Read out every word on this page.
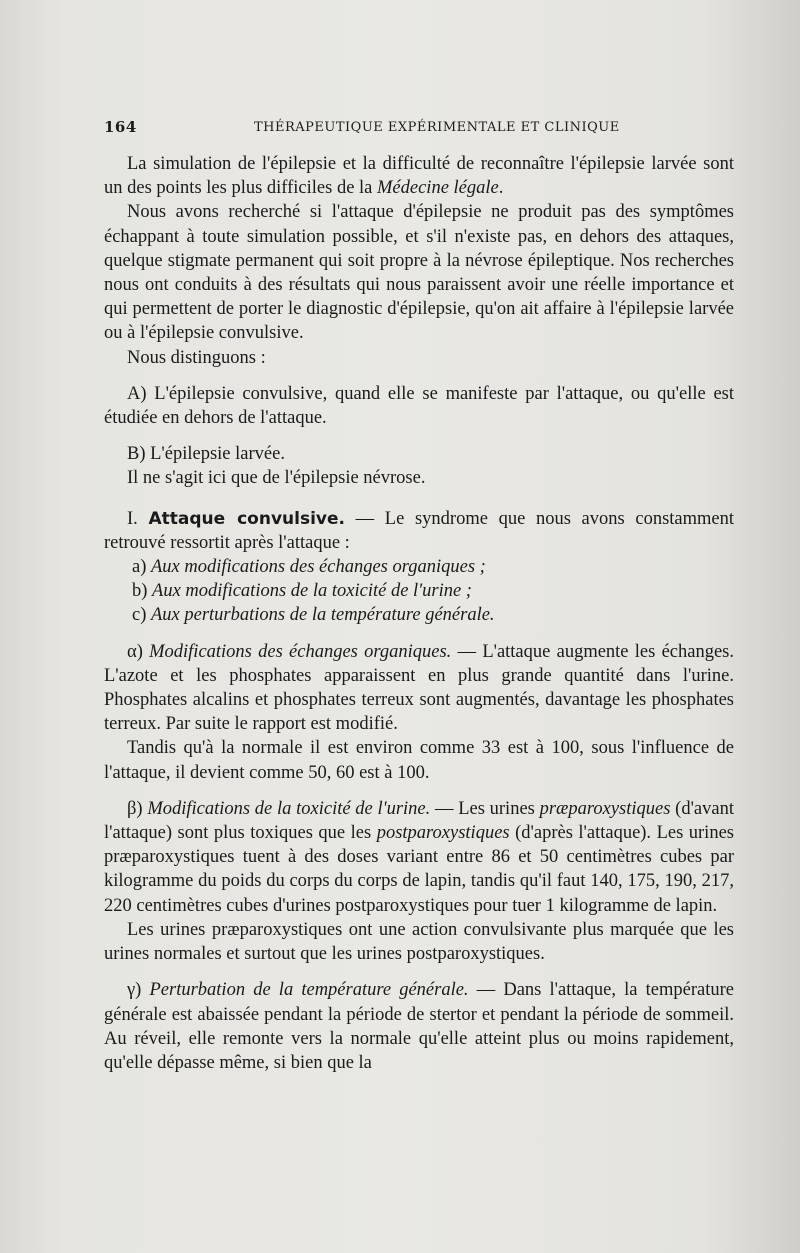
164	THÉRAPEUTIQUE EXPÉRIMENTALE ET CLINIQUE

La simulation de l'épilepsie et la difficulté de reconnaître l'épilepsie larvée sont un des points les plus difficiles de la Médecine légale.

Nous avons recherché si l'attaque d'épilepsie ne produit pas des symptômes échappant à toute simulation possible, et s'il n'existe pas, en dehors des attaques, quelque stigmate permanent qui soit propre à la névrose épileptique. Nos recherches nous ont conduits à des résultats qui nous paraissent avoir une réelle importance et qui permettent de porter le diagnostic d'épilepsie, qu'on ait affaire à l'épilepsie larvée ou à l'épilepsie convulsive.

Nous distinguons :

A) L'épilepsie convulsive, quand elle se manifeste par l'attaque, ou qu'elle est étudiée en dehors de l'attaque.

B) L'épilepsie larvée.

Il ne s'agit ici que de l'épilepsie névrose.

I. Attaque convulsive. — Le syndrome que nous avons constamment retrouvé ressortit après l'attaque :

a) Aux modifications des échanges organiques ;

b) Aux modifications de la toxicité de l'urine ;

c) Aux perturbations de la température générale.

α) Modifications des échanges organiques. — L'attaque augmente les échanges. L'azote et les phosphates apparaissent en plus grande quantité dans l'urine. Phosphates alcalins et phosphates terreux sont augmentés, davantage les phosphates terreux. Par suite le rapport est modifié.

Tandis qu'à la normale il est environ comme 33 est à 100, sous l'influence de l'attaque, il devient comme 50, 60 est à 100.

β) Modifications de la toxicité de l'urine. — Les urines præparoxystiques (d'avant l'attaque) sont plus toxiques que les postparoxystiques (d'après l'attaque). Les urines præparoxystiques tuent à des doses variant entre 86 et 50 centimètres cubes par kilogramme du poids du corps du corps de lapin, tandis qu'il faut 140, 175, 190, 217, 220 centimètres cubes d'urines postparoxystiques pour tuer 1 kilogramme de lapin.

Les urines præparoxystiques ont une action convulsivante plus marquée que les urines normales et surtout que les urines postparoxystiques.

γ) Perturbation de la température générale. — Dans l'attaque, la température générale est abaissée pendant la période de stertor et pendant la période de sommeil. Au réveil, elle remonte vers la normale qu'elle atteint plus ou moins rapidement, qu'elle dépasse même, si bien que la
